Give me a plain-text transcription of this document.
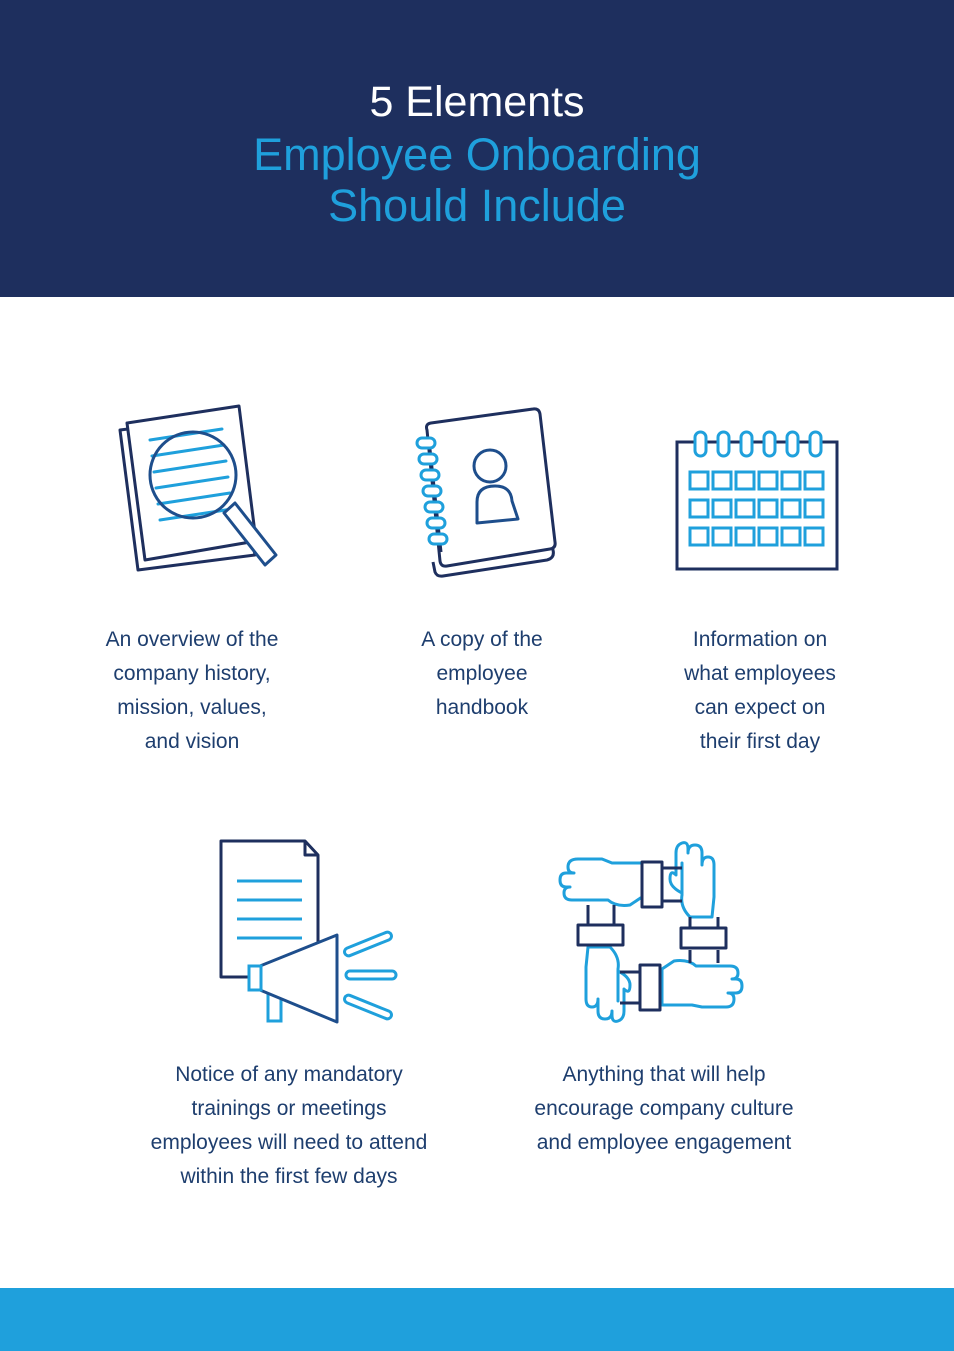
5 Elements
Employee Onboarding
Should Include
An overview of the
company history,
mission, values,
and vision
A copy of the
employee
handbook
Information on
what employees
can expect on
their first day
Notice of any mandatory
trainings or meetings
employees will need to attend
within the first few days
Anything that will help
encourage company culture
and employee engagement
